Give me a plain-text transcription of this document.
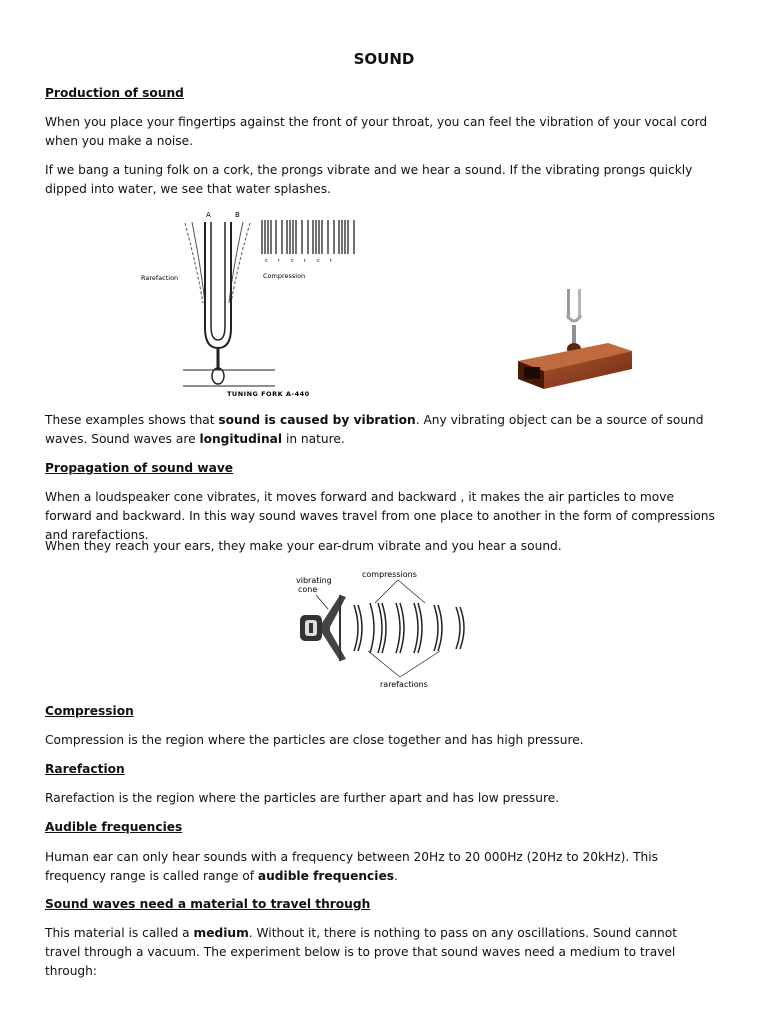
SOUND
Production of sound
When you place your fingertips against the front of your throat, you can feel the vibration of your vocal cord when you make a noise.
If we bang a tuning folk on a cork, the prongs vibrate and we hear a sound. If the vibrating prongs quickly dipped into water, we see that water splashes.
A	B
TUNING FORK A-440
Rarefaction	Compression
c r c r c r
These examples shows that sound is caused by vibration. Any vibrating object can be a source of sound waves. Sound waves are longitudinal in nature.
Propagation of sound wave
When a loudspeaker cone vibrates, it moves forward and backward , it makes the air particles to move forward and backward. In this way sound waves travel from one place to another in the form of compressions and rarefactions.
When they reach your ears, they make your ear-drum vibrate and you hear a sound.
vibrating
cone
compressions
rarefactions
Compression
Compression is the region where the particles are close together and has high pressure.
Rarefaction
Rarefaction is the region where the particles are further apart and has low pressure.
Audible frequencies
Human ear can only hear sounds with a frequency between 20Hz to 20 000Hz (20Hz to 20kHz). This frequency range is called range of audible frequencies.
Sound waves need a material to travel through
This material is called a medium. Without it, there is nothing to pass on any oscillations. Sound cannot travel through a vacuum. The experiment below is to prove that sound waves need a medium to travel through:
